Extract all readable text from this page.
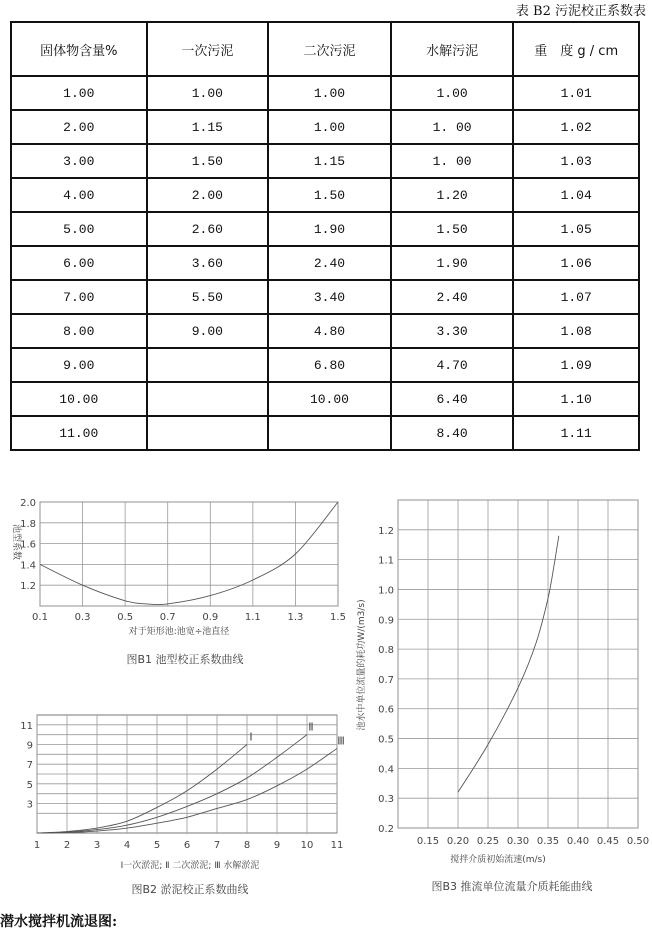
表 B2 污泥校正系数表
固体物含量%	一次污泥	二次污泥	水解污泥	重　度 g / cm
1.00	1.00	1.00	1.00	1.01
2.00	1.15	1.00	1. 00	1.02
3.00	1.50	1.15	1. 00	1.03
4.00	2.00	1.50	1.20	1.04
5.00	2.60	1.90	1.50	1.05
6.00	3.60	2.40	1.90	1.06
7.00	5.50	3.40	2.40	1.07
8.00	9.00	4.80	3.30	1.08
9.00		6.80	4.70	1.09
10.00		10.00	6.40	1.10
11.00			8.40	1.11
0.1	0.3	0.5	0.7	0.9	1.1	1.3	1.5
1.2
1.4
1.6
1.8
2.0
对于矩形池:池宽÷池直径
池型系数
图B1 池型校正系数曲线
1 2 3 4 5 6 7 8 9 10 11
3
5
7
9
11
Ⅰ
Ⅱ
Ⅲ
Ⅰ一次淤泥; Ⅱ 二次淤泥; Ⅲ 水解淤泥
图B2 淤泥校正系数曲线
0.15 0.20 0.25 0.30 0.35 0.40 0.45 0.50
0.2
0.3
0.4
0.5
0.6
0.7
0.8
0.9
1.0
1.1
1.2
搅拌介质初始流速(m/s)
池水中单位流量的耗功W/(m3/s)
图B3 推流单位流量介质耗能曲线
潜水搅拌机流退图:
